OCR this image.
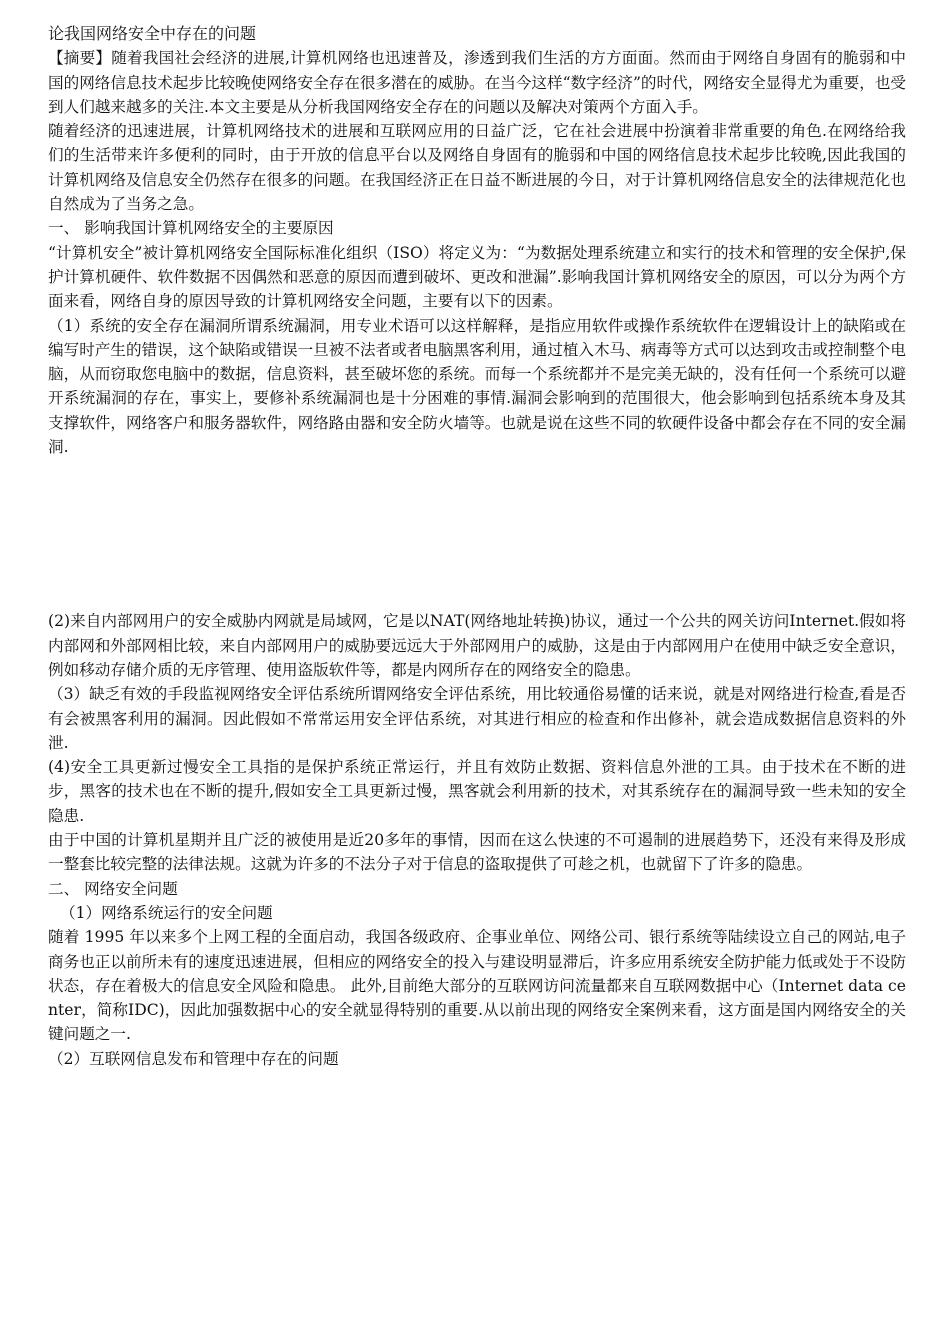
论我国网络安全中存在的问题

【摘要】随着我国社会经济的进展,计算机网络也迅速普及，渗透到我们生活的方方面面。然而由于网络自身固有的脆弱和中国的网络信息技术起步比较晚使网络安全存在很多潜在的威胁。在当今这样“数字经济”的时代，网络安全显得尤为重要，也受到人们越来越多的关注.本文主要是从分析我国网络安全存在的问题以及解决对策两个方面入手。

随着经济的迅速进展，计算机网络技术的进展和互联网应用的日益广泛，它在社会进展中扮演着非常重要的角色.在网络给我们的生活带来许多便利的同时，由于开放的信息平台以及网络自身固有的脆弱和中国的网络信息技术起步比较晚,因此我国的计算机网络及信息安全仍然存在很多的问题。在我国经济正在日益不断进展的今日，对于计算机网络信息安全的法律规范化也自然成为了当务之急。

一、 影响我国计算机网络安全的主要原因

“计算机安全”被计算机网络安全国际标准化组织（ISO）将定义为：“为数据处理系统建立和实行的技术和管理的安全保护,保护计算机硬件、软件数据不因偶然和恶意的原因而遭到破坏、更改和泄漏”.影响我国计算机网络安全的原因，可以分为两个方面来看，网络自身的原因导致的计算机网络安全问题，主要有以下的因素。

（1）系统的安全存在漏洞所谓系统漏洞，用专业术语可以这样解释，是指应用软件或操作系统软件在逻辑设计上的缺陷或在编写时产生的错误，这个缺陷或错误一旦被不法者或者电脑黑客利用，通过植入木马、病毒等方式可以达到攻击或控制整个电脑，从而窃取您电脑中的数据，信息资料，甚至破坏您的系统。而每一个系统都并不是完美无缺的，没有任何一个系统可以避开系统漏洞的存在，事实上，要修补系统漏洞也是十分困难的事情.漏洞会影响到的范围很大，他会影响到包括系统本身及其支撑软件，网络客户和服务器软件，网络路由器和安全防火墙等。也就是说在这些不同的软硬件设备中都会存在不同的安全漏洞.

(2)来自内部网用户的安全威胁内网就是局域网，它是以NAT(网络地址转换)协议，通过一个公共的网关访问Internet.假如将内部网和外部网相比较，来自内部网用户的威胁要远远大于外部网用户的威胁，这是由于内部网用户在使用中缺乏安全意识，例如移动存储介质的无序管理、使用盗版软件等，都是内网所存在的网络安全的隐患。

（3）缺乏有效的手段监视网络安全评估系统所谓网络安全评估系统，用比较通俗易懂的话来说，就是对网络进行检查,看是否有会被黑客利用的漏洞。因此假如不常常运用安全评估系统，对其进行相应的检查和作出修补，就会造成数据信息资料的外泄.

(4)安全工具更新过慢安全工具指的是保护系统正常运行，并且有效防止数据、资料信息外泄的工具。由于技术在不断的进步，黑客的技术也在不断的提升,假如安全工具更新过慢，黑客就会利用新的技术，对其系统存在的漏洞导致一些未知的安全隐患.

由于中国的计算机星期并且广泛的被使用是近20多年的事情，因而在这么快速的不可遏制的进展趋势下，还没有来得及形成一整套比较完整的法律法规。这就为许多的不法分子对于信息的盗取提供了可趁之机，也就留下了许多的隐患。

二、 网络安全问题

（1）网络系统运行的安全问题

随着 1995 年以来多个上网工程的全面启动，我国各级政府、企事业单位、网络公司、银行系统等陆续设立自己的网站,电子商务也正以前所未有的速度迅速进展，但相应的网络安全的投入与建设明显滞后，许多应用系统安全防护能力低或处于不设防状态，存在着极大的信息安全风险和隐患。 此外,目前绝大部分的互联网访问流量都来自互联网数据中心（Internet data center，简称IDC)，因此加强数据中心的安全就显得特别的重要.从以前出现的网络安全案例来看，这方面是国内网络安全的关键问题之一.

（2）互联网信息发布和管理中存在的问题
